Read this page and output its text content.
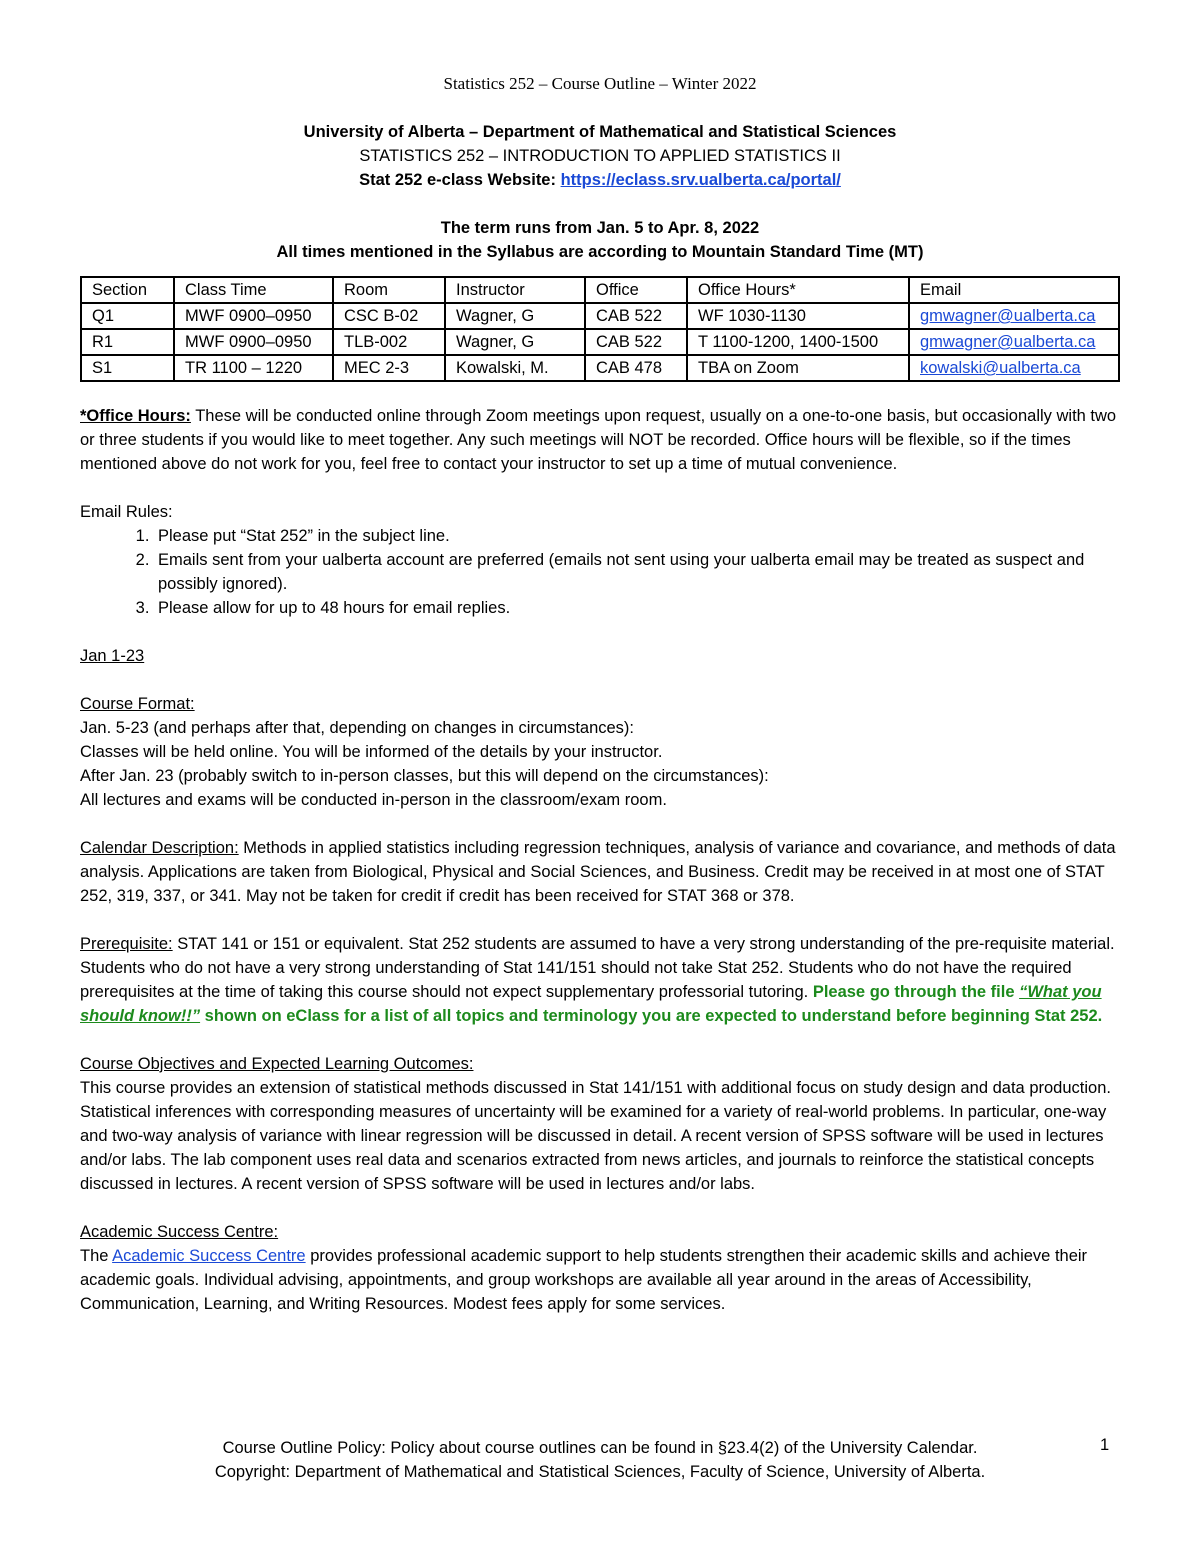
Statistics 252 – Course Outline – Winter 2022
University of Alberta – Department of Mathematical and Statistical Sciences
STATISTICS 252 – INTRODUCTION TO APPLIED STATISTICS II
Stat 252 e-class Website: https://eclass.srv.ualberta.ca/portal/
The term runs from Jan. 5 to Apr. 8, 2022
All times mentioned in the Syllabus are according to Mountain Standard Time (MT)
Section	Class Time	Room	Instructor	Office	Office Hours*	Email
Q1	MWF 0900–0950	CSC B-02	Wagner, G	CAB 522	WF 1030-1130	gmwagner@ualberta.ca
R1	MWF 0900–0950	TLB-002	Wagner, G	CAB 522	T 1100-1200, 1400-1500	gmwagner@ualberta.ca
S1	TR 1100 – 1220	MEC 2-3	Kowalski, M.	CAB 478	TBA on Zoom	kowalski@ualberta.ca

*Office Hours: These will be conducted online through Zoom meetings upon request, usually on a one-to-one basis, but occasionally with two or three students if you would like to meet together. Any such meetings will NOT be recorded. Office hours will be flexible, so if the times mentioned above do not work for you, feel free to contact your instructor to set up a time of mutual convenience.

Email Rules:
1. Please put “Stat 252” in the subject line.
2. Emails sent from your ualberta account are preferred (emails not sent using your ualberta email may be treated as suspect and possibly ignored).
3. Please allow for up to 48 hours for email replies.
Jan 1-23
Course Format:
Jan. 5-23 (and perhaps after that, depending on changes in circumstances):
Classes will be held online. You will be informed of the details by your instructor.
After Jan. 23 (probably switch to in-person classes, but this will depend on the circumstances):
All lectures and exams will be conducted in-person in the classroom/exam room.

Calendar Description: Methods in applied statistics including regression techniques, analysis of variance and covariance, and methods of data analysis. Applications are taken from Biological, Physical and Social Sciences, and Business. Credit may be received in at most one of STAT 252, 319, 337, or 341. May not be taken for credit if credit has been received for STAT 368 or 378.

Prerequisite: STAT 141 or 151 or equivalent. Stat 252 students are assumed to have a very strong understanding of the pre-requisite material. Students who do not have a very strong understanding of Stat 141/151 should not take Stat 252. Students who do not have the required prerequisites at the time of taking this course should not expect supplementary professorial tutoring. Please go through the file “What you should know!!” shown on eClass for a list of all topics and terminology you are expected to understand before beginning Stat 252.

Course Objectives and Expected Learning Outcomes:

This course provides an extension of statistical methods discussed in Stat 141/151 with additional focus on study design and data production. Statistical inferences with corresponding measures of uncertainty will be examined for a variety of real-world problems. In particular, one-way and two-way analysis of variance with linear regression will be discussed in detail. A recent version of SPSS software will be used in lectures and/or labs. The lab component uses real data and scenarios extracted from news articles, and journals to reinforce the statistical concepts discussed in lectures. A recent version of SPSS software will be used in lectures and/or labs.

Academic Success Centre:

The Academic Success Centre provides professional academic support to help students strengthen their academic skills and achieve their academic goals. Individual advising, appointments, and group workshops are available all year around in the areas of Accessibility, Communication, Learning, and Writing Resources. Modest fees apply for some services.

Course Outline Policy: Policy about course outlines can be found in §23.4(2) of the University Calendar.
Copyright: Department of Mathematical and Statistical Sciences, Faculty of Science, University of Alberta.
1
